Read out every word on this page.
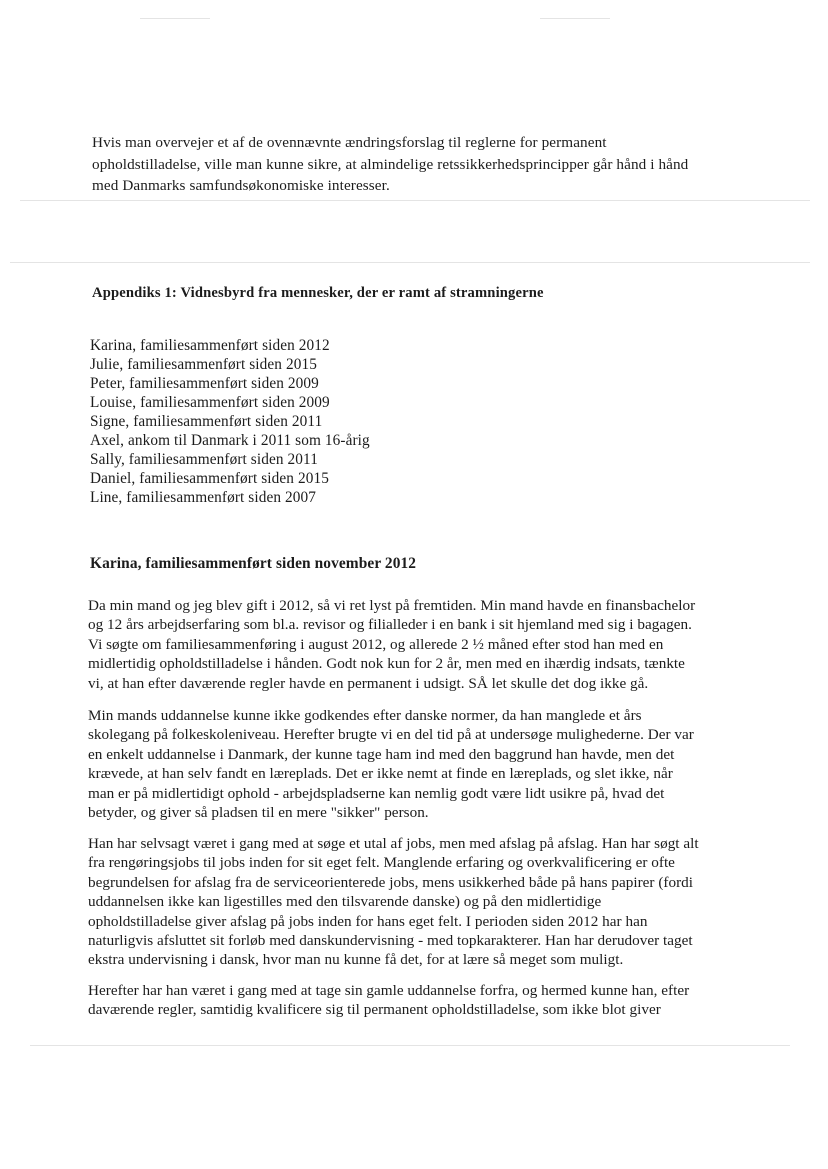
Hvis man overvejer et af de ovennævnte ændringsforslag til reglerne for permanent
opholdstilladelse, ville man kunne sikre, at almindelige retssikkerhedsprincipper går hånd i hånd
med Danmarks samfundsøkonomiske interesser.
Appendiks 1: Vidnesbyrd fra mennesker, der er ramt af stramningerne
Karina, familiesammenført siden 2012
Julie, familiesammenført siden 2015
Peter, familiesammenført siden 2009
Louise, familiesammenført siden 2009
Signe, familiesammenført siden 2011
Axel, ankom til Danmark i 2011 som 16-årig
Sally, familiesammenført siden 2011
Daniel, familiesammenført siden 2015
Line, familiesammenført siden 2007
Karina, familiesammenført siden november 2012
Da min mand og jeg blev gift i 2012, så vi ret lyst på fremtiden. Min mand havde en finansbachelor
og 12 års arbejdserfaring som bl.a. revisor og filialleder i en bank i sit hjemland med sig i bagagen.
Vi søgte om familiesammenføring i august 2012, og allerede 2 ½ måned efter stod han med en
midlertidig opholdstilladelse i hånden. Godt nok kun for 2 år, men med en ihærdig indsats, tænkte
vi, at han efter daværende regler havde en permanent i udsigt. SÅ let skulle det dog ikke gå.
Min mands uddannelse kunne ikke godkendes efter danske normer, da han manglede et års
skolegang på folkeskoleniveau. Herefter brugte vi en del tid på at undersøge mulighederne. Der var
en enkelt uddannelse i Danmark, der kunne tage ham ind med den baggrund han havde, men det
krævede, at han selv fandt en læreplads. Det er ikke nemt at finde en læreplads, og slet ikke, når
man er på midlertidigt ophold - arbejdspladserne kan nemlig godt være lidt usikre på, hvad det
betyder, og giver så pladsen til en mere "sikker" person.
Han har selvsagt været i gang med at søge et utal af jobs, men med afslag på afslag. Han har søgt alt
fra rengøringsjobs til jobs inden for sit eget felt. Manglende erfaring og overkvalificering er ofte
begrundelsen for afslag fra de serviceorienterede jobs, mens usikkerhed både på hans papirer (fordi
uddannelsen ikke kan ligestilles med den tilsvarende danske) og på den midlertidige
opholdstilladelse giver afslag på jobs inden for hans eget felt. I perioden siden 2012 har han
naturligvis afsluttet sit forløb med danskundervisning - med topkarakterer. Han har derudover taget
ekstra undervisning i dansk, hvor man nu kunne få det, for at lære så meget som muligt.
Herefter har han været i gang med at tage sin gamle uddannelse forfra, og hermed kunne han, efter
daværende regler, samtidig kvalificere sig til permanent opholdstilladelse, som ikke blot giver
